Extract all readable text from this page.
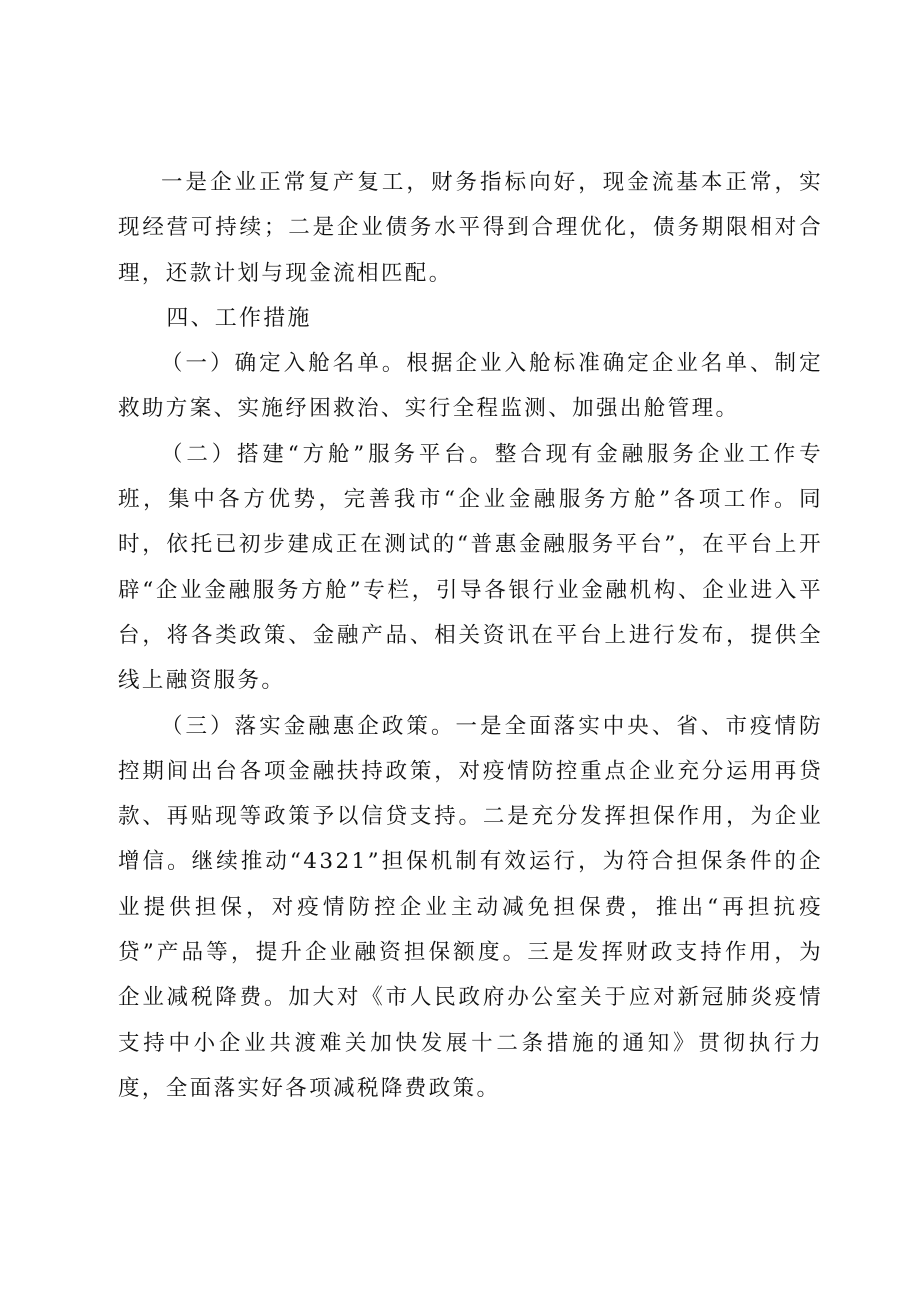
一是企业正常复产复工，财务指标向好，现金流基本正常，实现经营可持续；二是企业债务水平得到合理优化，债务期限相对合理，还款计划与现金流相匹配。

四、工作措施

（一）确定入舱名单。根据企业入舱标准确定企业名单、制定救助方案、实施纾困救治、实行全程监测、加强出舱管理。

（二）搭建“方舱”服务平台。整合现有金融服务企业工作专班，集中各方优势，完善我市“企业金融服务方舱”各项工作。同时，依托已初步建成正在测试的“普惠金融服务平台”，在平台上开辟“企业金融服务方舱”专栏，引导各银行业金融机构、企业进入平台，将各类政策、金融产品、相关资讯在平台上进行发布，提供全线上融资服务。

（三）落实金融惠企政策。一是全面落实中央、省、市疫情防控期间出台各项金融扶持政策，对疫情防控重点企业充分运用再贷款、再贴现等政策予以信贷支持。二是充分发挥担保作用，为企业增信。继续推动“4321”担保机制有效运行，为符合担保条件的企业提供担保，对疫情防控企业主动减免担保费，推出“再担抗疫贷”产品等，提升企业融资担保额度。三是发挥财政支持作用，为企业减税降费。加大对《市人民政府办公室关于应对新冠肺炎疫情支持中小企业共渡难关加快发展十二条措施的通知》贯彻执行力度，全面落实好各项减税降费政策。
